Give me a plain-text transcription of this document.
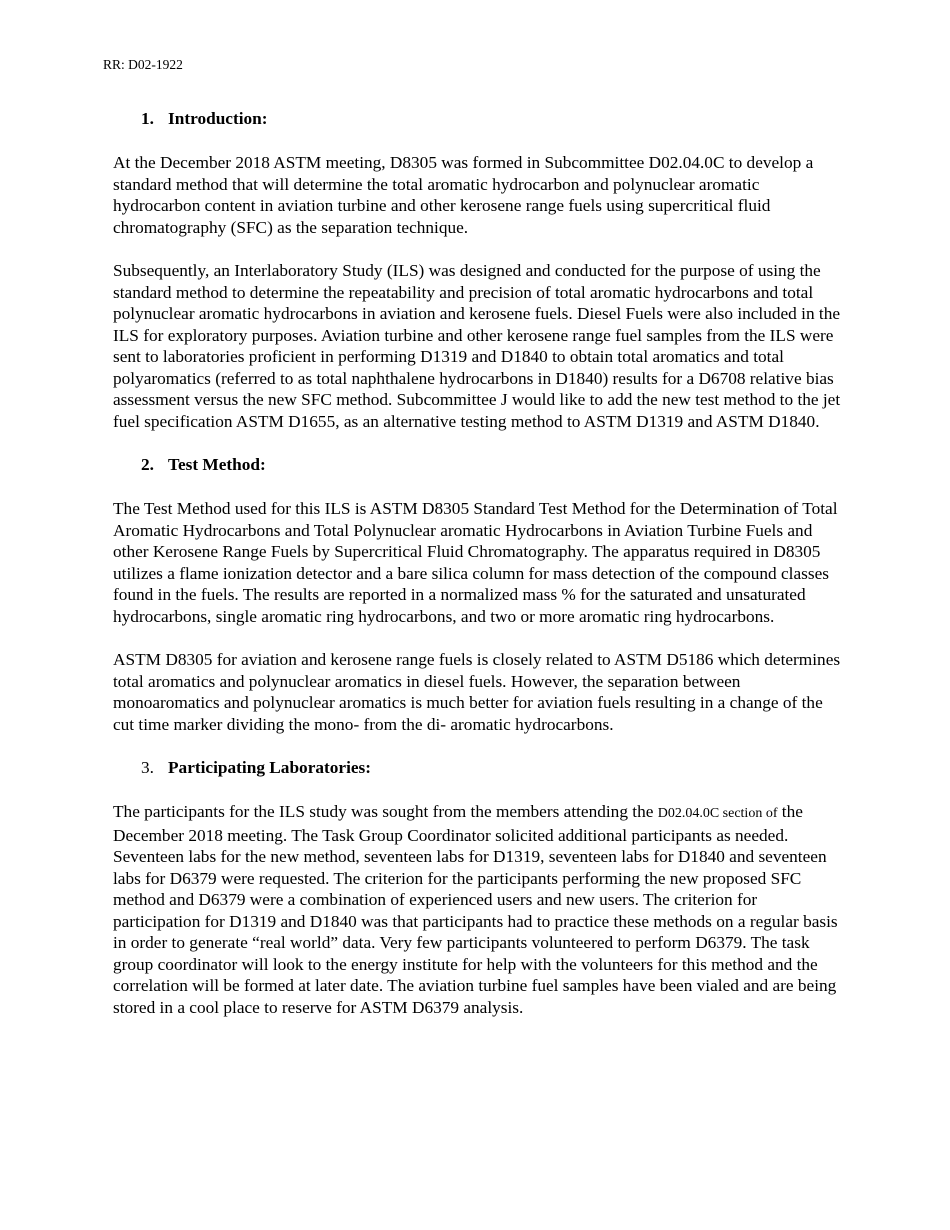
RR: D02-1922
1. Introduction:

At the December 2018 ASTM meeting, D8305 was formed in Subcommittee D02.04.0C to develop a standard method that will determine the total aromatic hydrocarbon and polynuclear aromatic hydrocarbon content in aviation turbine and other kerosene range fuels using supercritical fluid chromatography (SFC) as the separation technique.

Subsequently, an Interlaboratory Study (ILS) was designed and conducted for the purpose of using the standard method to determine the repeatability and precision of total aromatic hydrocarbons and total polynuclear aromatic hydrocarbons in aviation and kerosene fuels. Diesel Fuels were also included in the ILS for exploratory purposes. Aviation turbine and other kerosene range fuel samples from the ILS were sent to laboratories proficient in performing D1319 and D1840 to obtain total aromatics and total polyaromatics (referred to as total naphthalene hydrocarbons in D1840) results for a D6708 relative bias assessment versus the new SFC method. Subcommittee J would like to add the new test method to the jet fuel specification ASTM D1655, as an alternative testing method to ASTM D1319 and ASTM D1840.

2. Test Method:

The Test Method used for this ILS is ASTM D8305 Standard Test Method for the Determination of Total Aromatic Hydrocarbons and Total Polynuclear aromatic Hydrocarbons in Aviation Turbine Fuels and other Kerosene Range Fuels by Supercritical Fluid Chromatography. The apparatus required in D8305 utilizes a flame ionization detector and a bare silica column for mass detection of the compound classes found in the fuels. The results are reported in a normalized mass % for the saturated and unsaturated hydrocarbons, single aromatic ring hydrocarbons, and two or more aromatic ring hydrocarbons.

ASTM D8305 for aviation and kerosene range fuels is closely related to ASTM D5186 which determines total aromatics and polynuclear aromatics in diesel fuels. However, the separation between monoaromatics and polynuclear aromatics is much better for aviation fuels resulting in a change of the cut time marker dividing the mono- from the di- aromatic hydrocarbons.

3. Participating Laboratories:

The participants for the ILS study was sought from the members attending the D02.04.0C section of the December 2018 meeting. The Task Group Coordinator solicited additional participants as needed. Seventeen labs for the new method, seventeen labs for D1319, seventeen labs for D1840 and seventeen labs for D6379 were requested. The criterion for the participants performing the new proposed SFC method and D6379 were a combination of experienced users and new users. The criterion for participation for D1319 and D1840 was that participants had to practice these methods on a regular basis in order to generate “real world” data. Very few participants volunteered to perform D6379. The task group coordinator will look to the energy institute for help with the volunteers for this method and the correlation will be formed at later date. The aviation turbine fuel samples have been vialed and are being stored in a cool place to reserve for ASTM D6379 analysis.
